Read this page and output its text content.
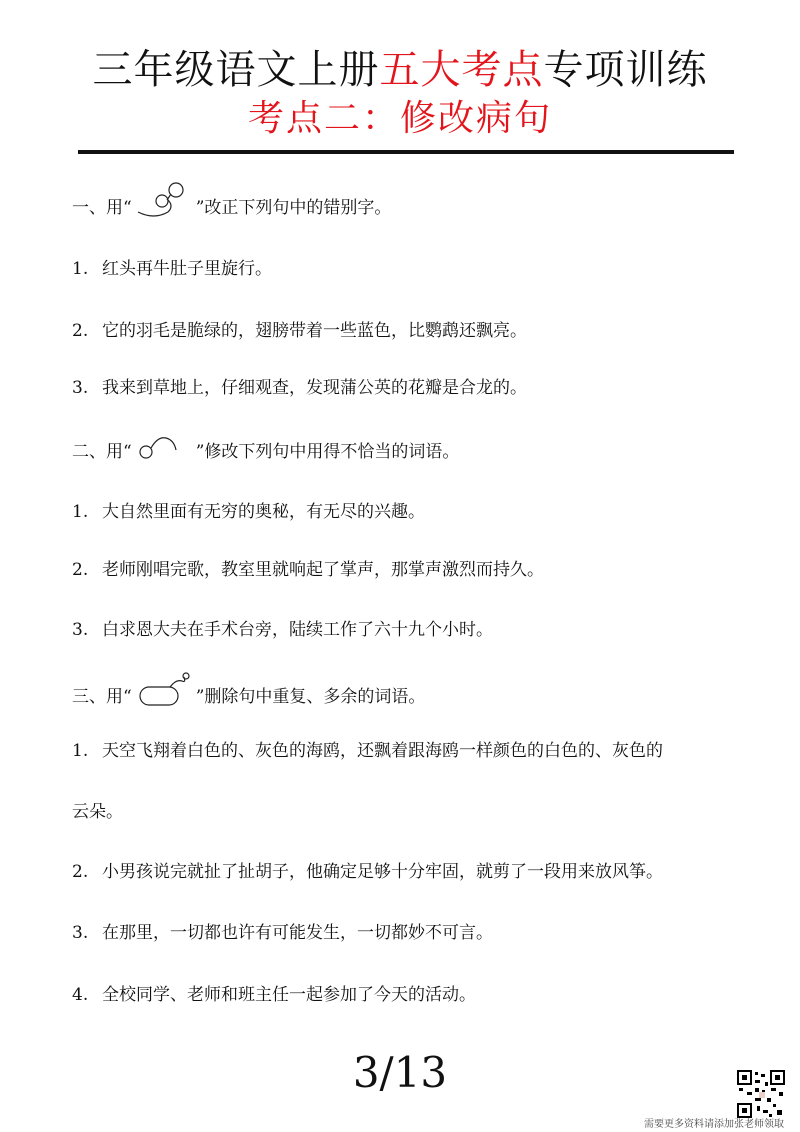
三年级语文上册五大考点专项训练
考点二：修改病句
一、用“	”改正下列句中的错别字。
1. 红头再牛肚子里旋行。
2. 它的羽毛是脆绿的，翅膀带着一些蓝色，比鹦鹉还飘亮。
3. 我来到草地上，仔细观查，发现蒲公英的花瓣是合龙的。
二、用“	”修改下列句中用得不恰当的词语。
1. 大自然里面有无穷的奥秘，有无尽的兴趣。
2. 老师刚唱完歌，教室里就响起了掌声，那掌声激烈而持久。
3. 白求恩大夫在手术台旁，陆续工作了六十九个小时。
三、用“	”删除句中重复、多余的词语。
1. 天空飞翔着白色的、灰色的海鸥，还飘着跟海鸥一样颜色的白色的、灰色的
云朵。
2. 小男孩说完就扯了扯胡子，他确定足够十分牢固，就剪了一段用来放风筝。
3. 在那里，一切都也许有可能发生，一切都妙不可言。
4. 全校同学、老师和班主任一起参加了今天的活动。
3/13
需要更多资料请添加张老师领取
